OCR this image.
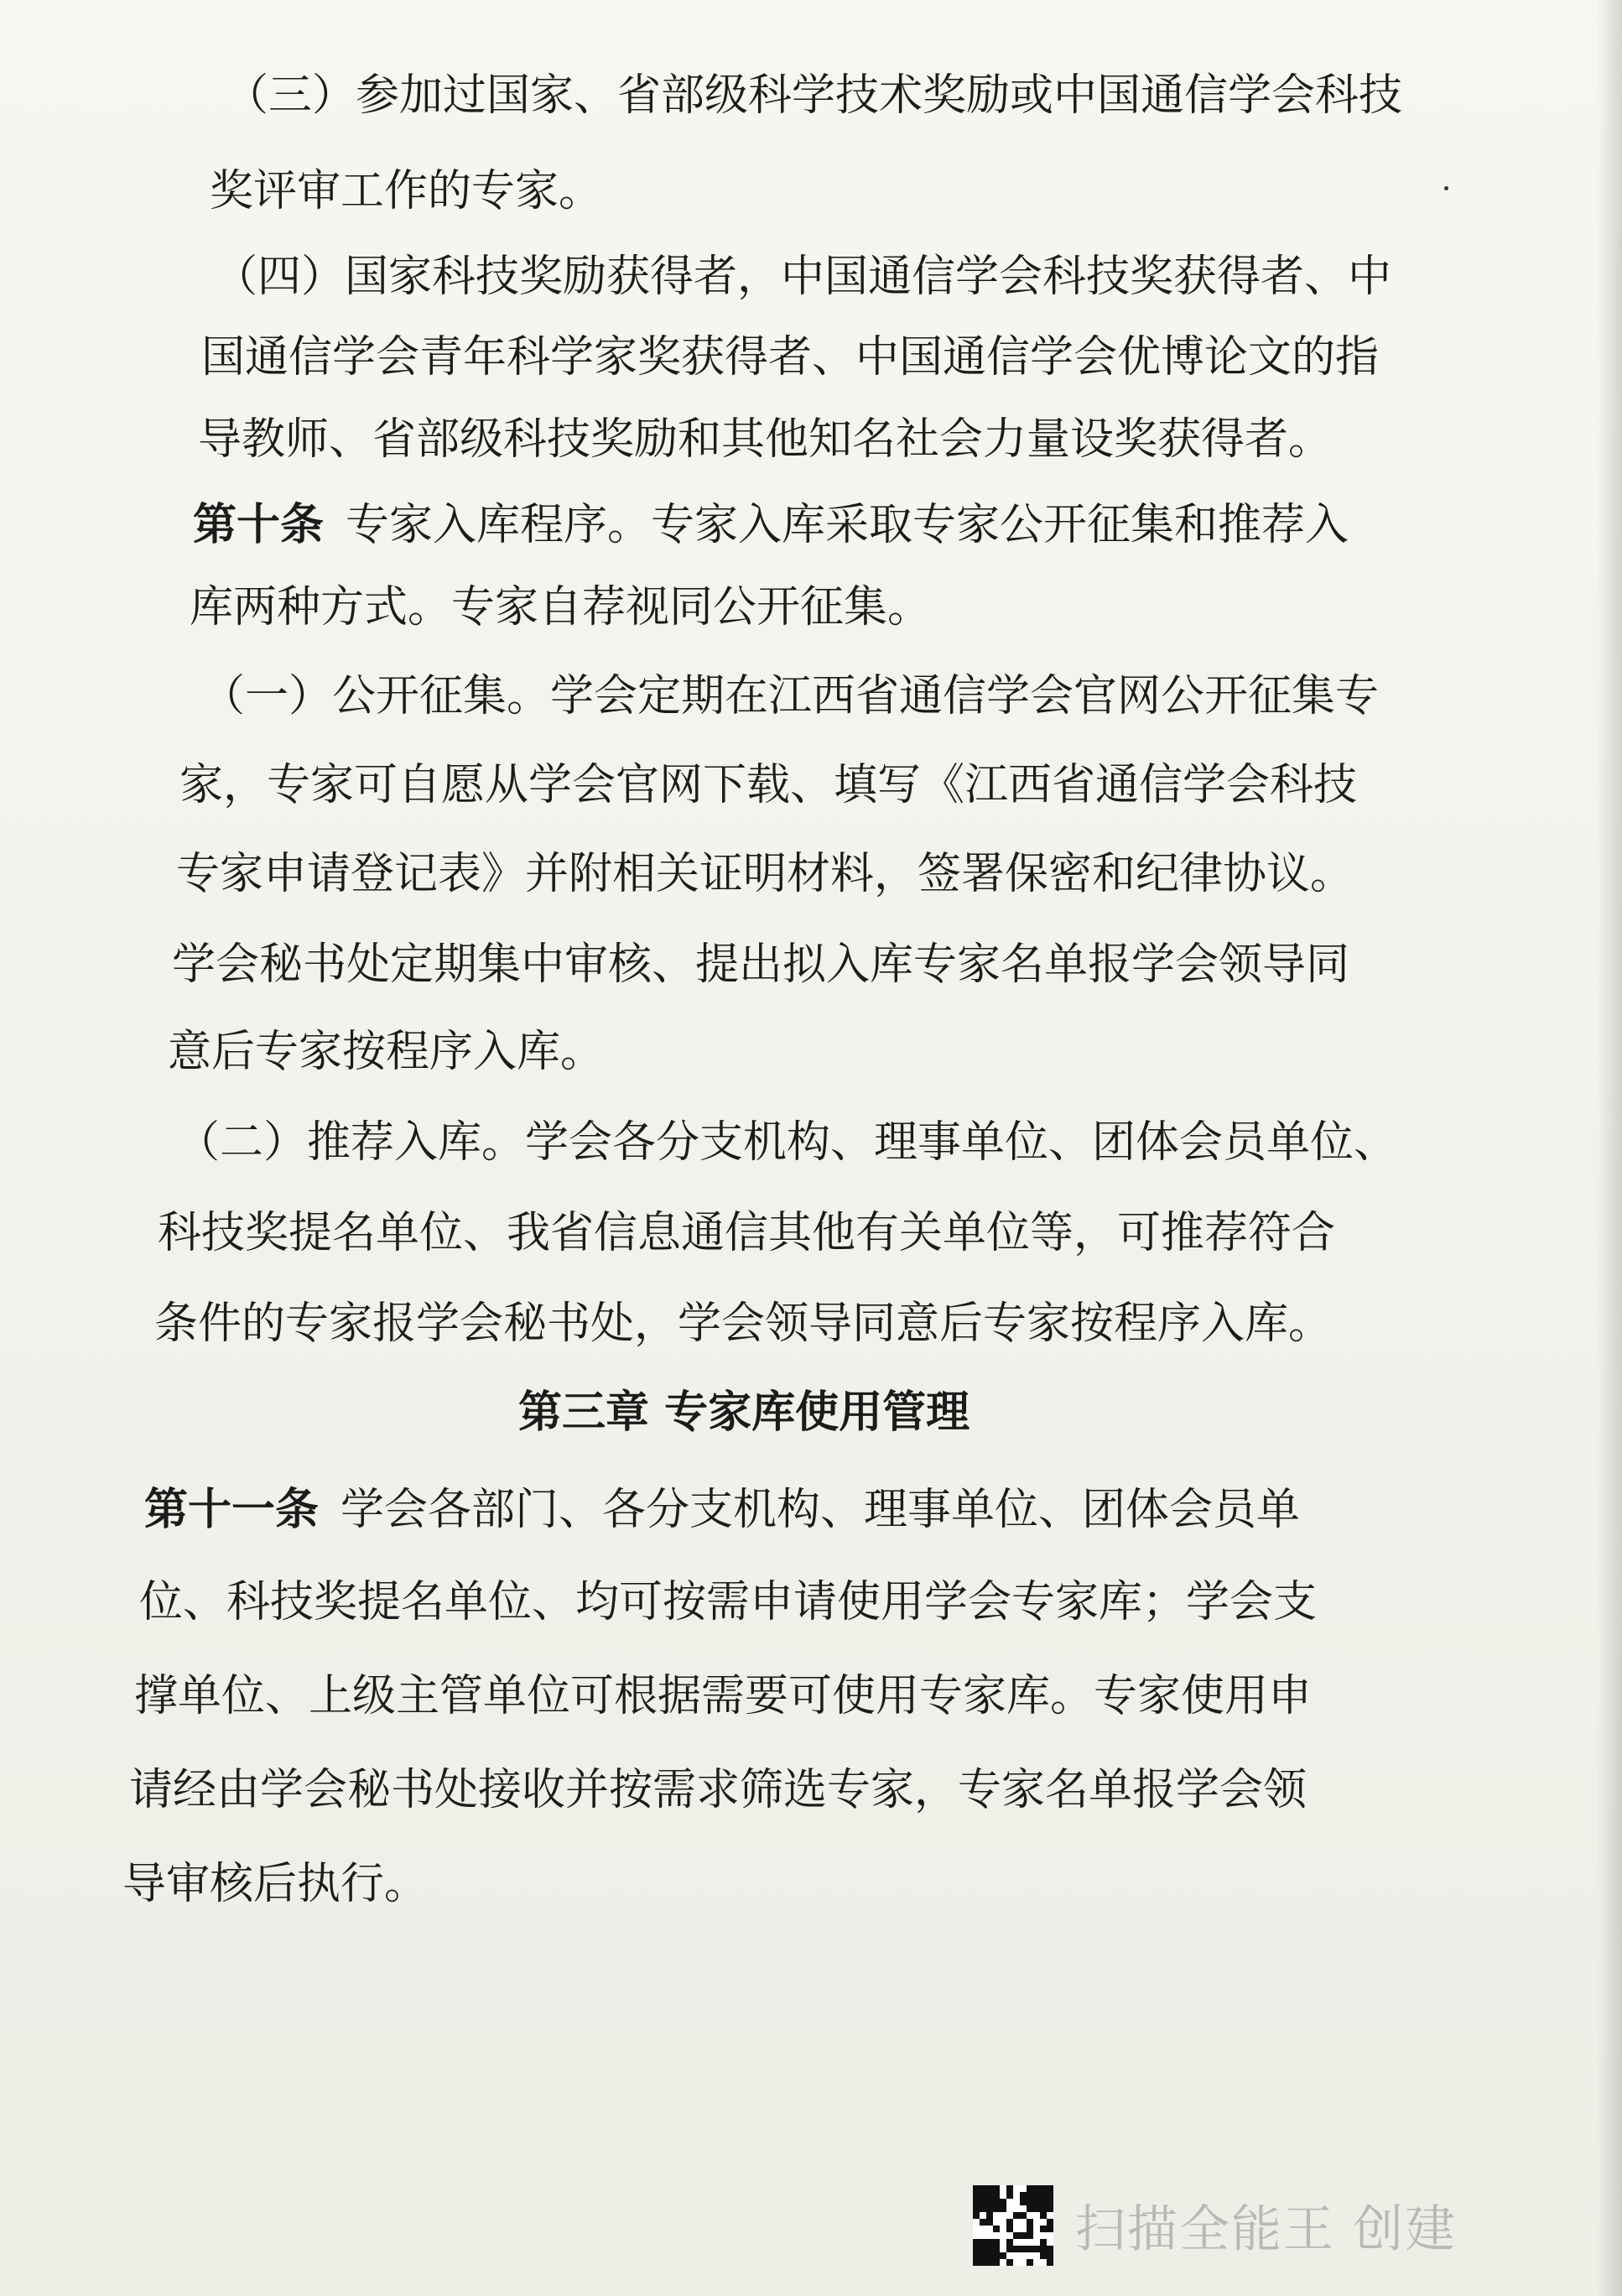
（三）参加过国家、省部级科学技术奖励或中国通信学会科技
奖评审工作的专家。
（四）国家科技奖励获得者，中国通信学会科技奖获得者、中
国通信学会青年科学家奖获得者、中国通信学会优博论文的指
导教师、省部级科技奖励和其他知名社会力量设奖获得者。
第十条 专家入库程序。专家入库采取专家公开征集和推荐入
库两种方式。专家自荐视同公开征集。
（一）公开征集。学会定期在江西省通信学会官网公开征集专
家，专家可自愿从学会官网下载、填写《江西省通信学会科技
专家申请登记表》并附相关证明材料，签署保密和纪律协议。
学会秘书处定期集中审核、提出拟入库专家名单报学会领导同
意后专家按程序入库。
（二）推荐入库。学会各分支机构、理事单位、团体会员单位、
科技奖提名单位、我省信息通信其他有关单位等，可推荐符合
条件的专家报学会秘书处，学会领导同意后专家按程序入库。
第三章 专家库使用管理
第十一条 学会各部门、各分支机构、理事单位、团体会员单
位、科技奖提名单位、均可按需申请使用学会专家库；学会支
撑单位、上级主管单位可根据需要可使用专家库。专家使用申
请经由学会秘书处接收并按需求筛选专家，专家名单报学会领
导审核后执行。
扫描全能王 创建
